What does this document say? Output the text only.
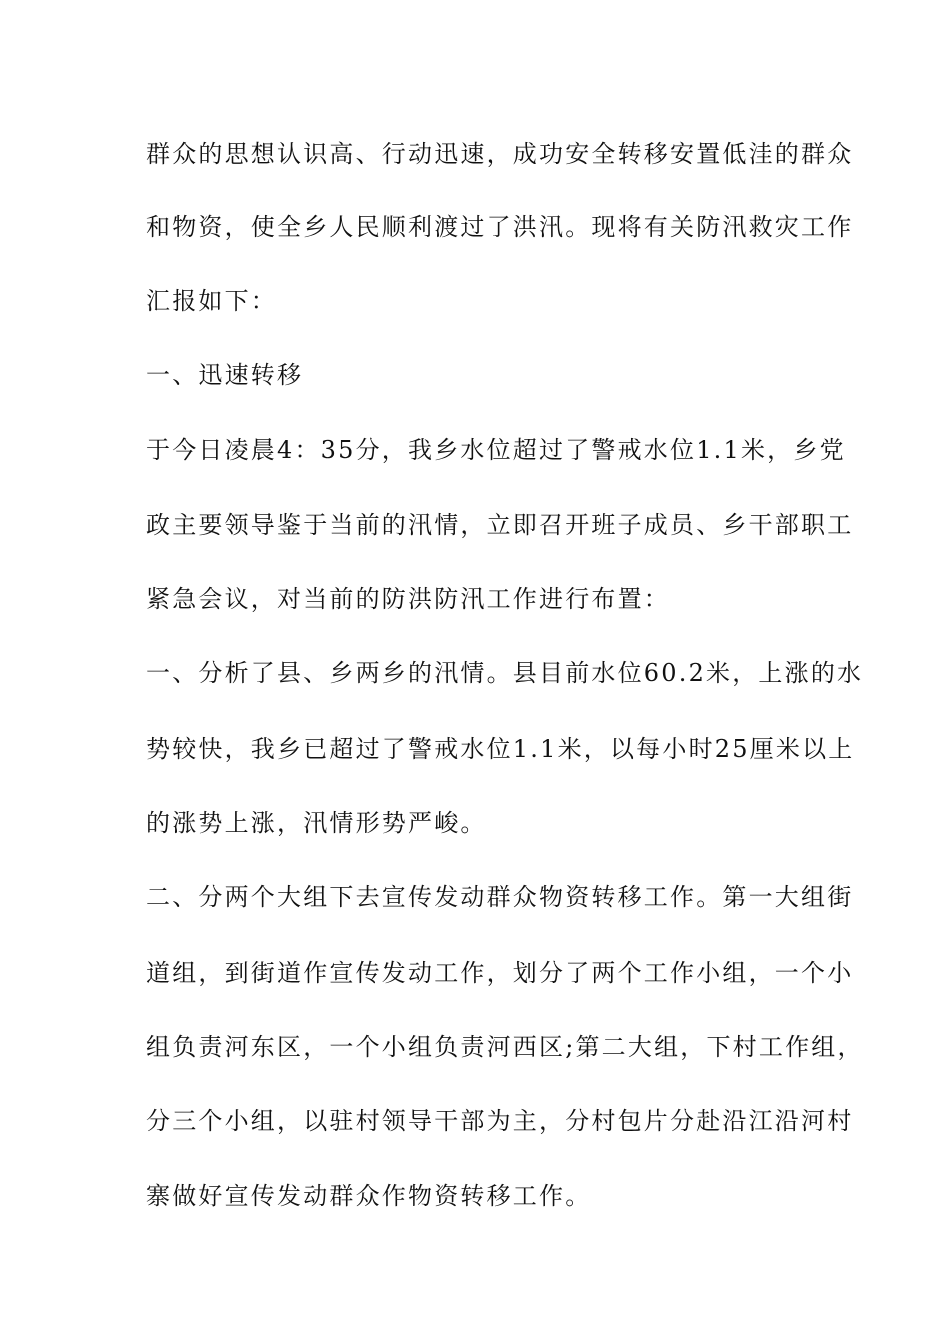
群众的思想认识高、行动迅速，成功安全转移安置低洼的群众
和物资，使全乡人民顺利渡过了洪汛。现将有关防汛救灾工作
汇报如下：
一、迅速转移
于今日凌晨4：35分，我乡水位超过了警戒水位1.1米，乡党
政主要领导鉴于当前的汛情，立即召开班子成员、乡干部职工
紧急会议，对当前的防洪防汛工作进行布置：
一、分析了县、乡两乡的汛情。县目前水位60.2米，上涨的水
势较快，我乡已超过了警戒水位1.1米，以每小时25厘米以上
的涨势上涨，汛情形势严峻。
二、分两个大组下去宣传发动群众物资转移工作。第一大组街
道组，到街道作宣传发动工作，划分了两个工作小组，一个小
组负责河东区，一个小组负责河西区;第二大组，下村工作组，
分三个小组，以驻村领导干部为主，分村包片分赴沿江沿河村
寨做好宣传发动群众作物资转移工作。
